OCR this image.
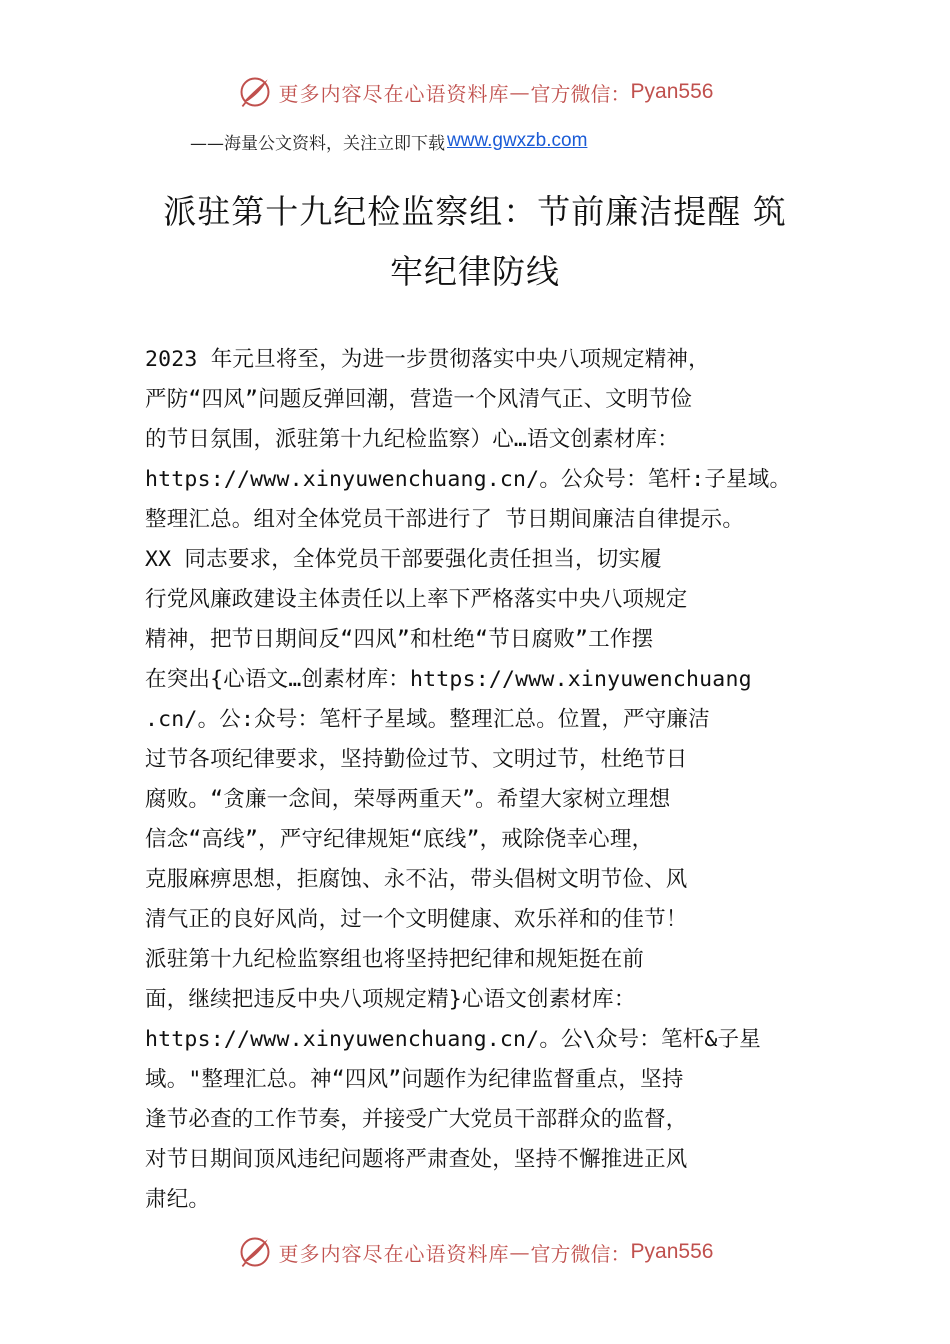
更多内容尽在心语资料库 — 官方微信： Pyan556
——海量公文资料，关注立即下载 www.gwxzb.com
派驻第十九纪检监察组：节前廉洁提醒 筑
牢纪律防线
2023 年元旦将至，为进一步贯彻落实中央八项规定精神，
严防“四风”问题反弹回潮，营造一个风清气正、文明节俭
的节日氛围，派驻第十九纪检监察）心…语文创素材库：
https://www.xinyuwenchuang.cn/。公众号：笔杆:子星域。
整理汇总。组对全体党员干部进行了 节日期间廉洁自律提示。
XX 同志要求，全体党员干部要强化责任担当，切实履
行党风廉政建设主体责任以上率下严格落实中央八项规定
精神，把节日期间反“四风”和杜绝“节日腐败”工作摆
在突出{心语文…创素材库：https://www.xinyuwenchuang
.cn/。公:众号：笔杆子星域。整理汇总。位置，严守廉洁
过节各项纪律要求，坚持勤俭过节、文明过节，杜绝节日
腐败。“贪廉一念间，荣辱两重天”。希望大家树立理想
信念“高线”，严守纪律规矩“底线”，戒除侥幸心理，
克服麻痹思想，拒腐蚀、永不沾，带头倡树文明节俭、风
清气正的良好风尚，过一个文明健康、欢乐祥和的佳节！
派驻第十九纪检监察组也将坚持把纪律和规矩挺在前
面，继续把违反中央八项规定精}心语文创素材库：
https://www.xinyuwenchuang.cn/。公\众号：笔杆&子星
域。"整理汇总。神“四风”问题作为纪律监督重点，坚持
逢节必查的工作节奏，并接受广大党员干部群众的监督，
对节日期间顶风违纪问题将严肃查处，坚持不懈推进正风
肃纪。
更多内容尽在心语资料库 — 官方微信： Pyan556
